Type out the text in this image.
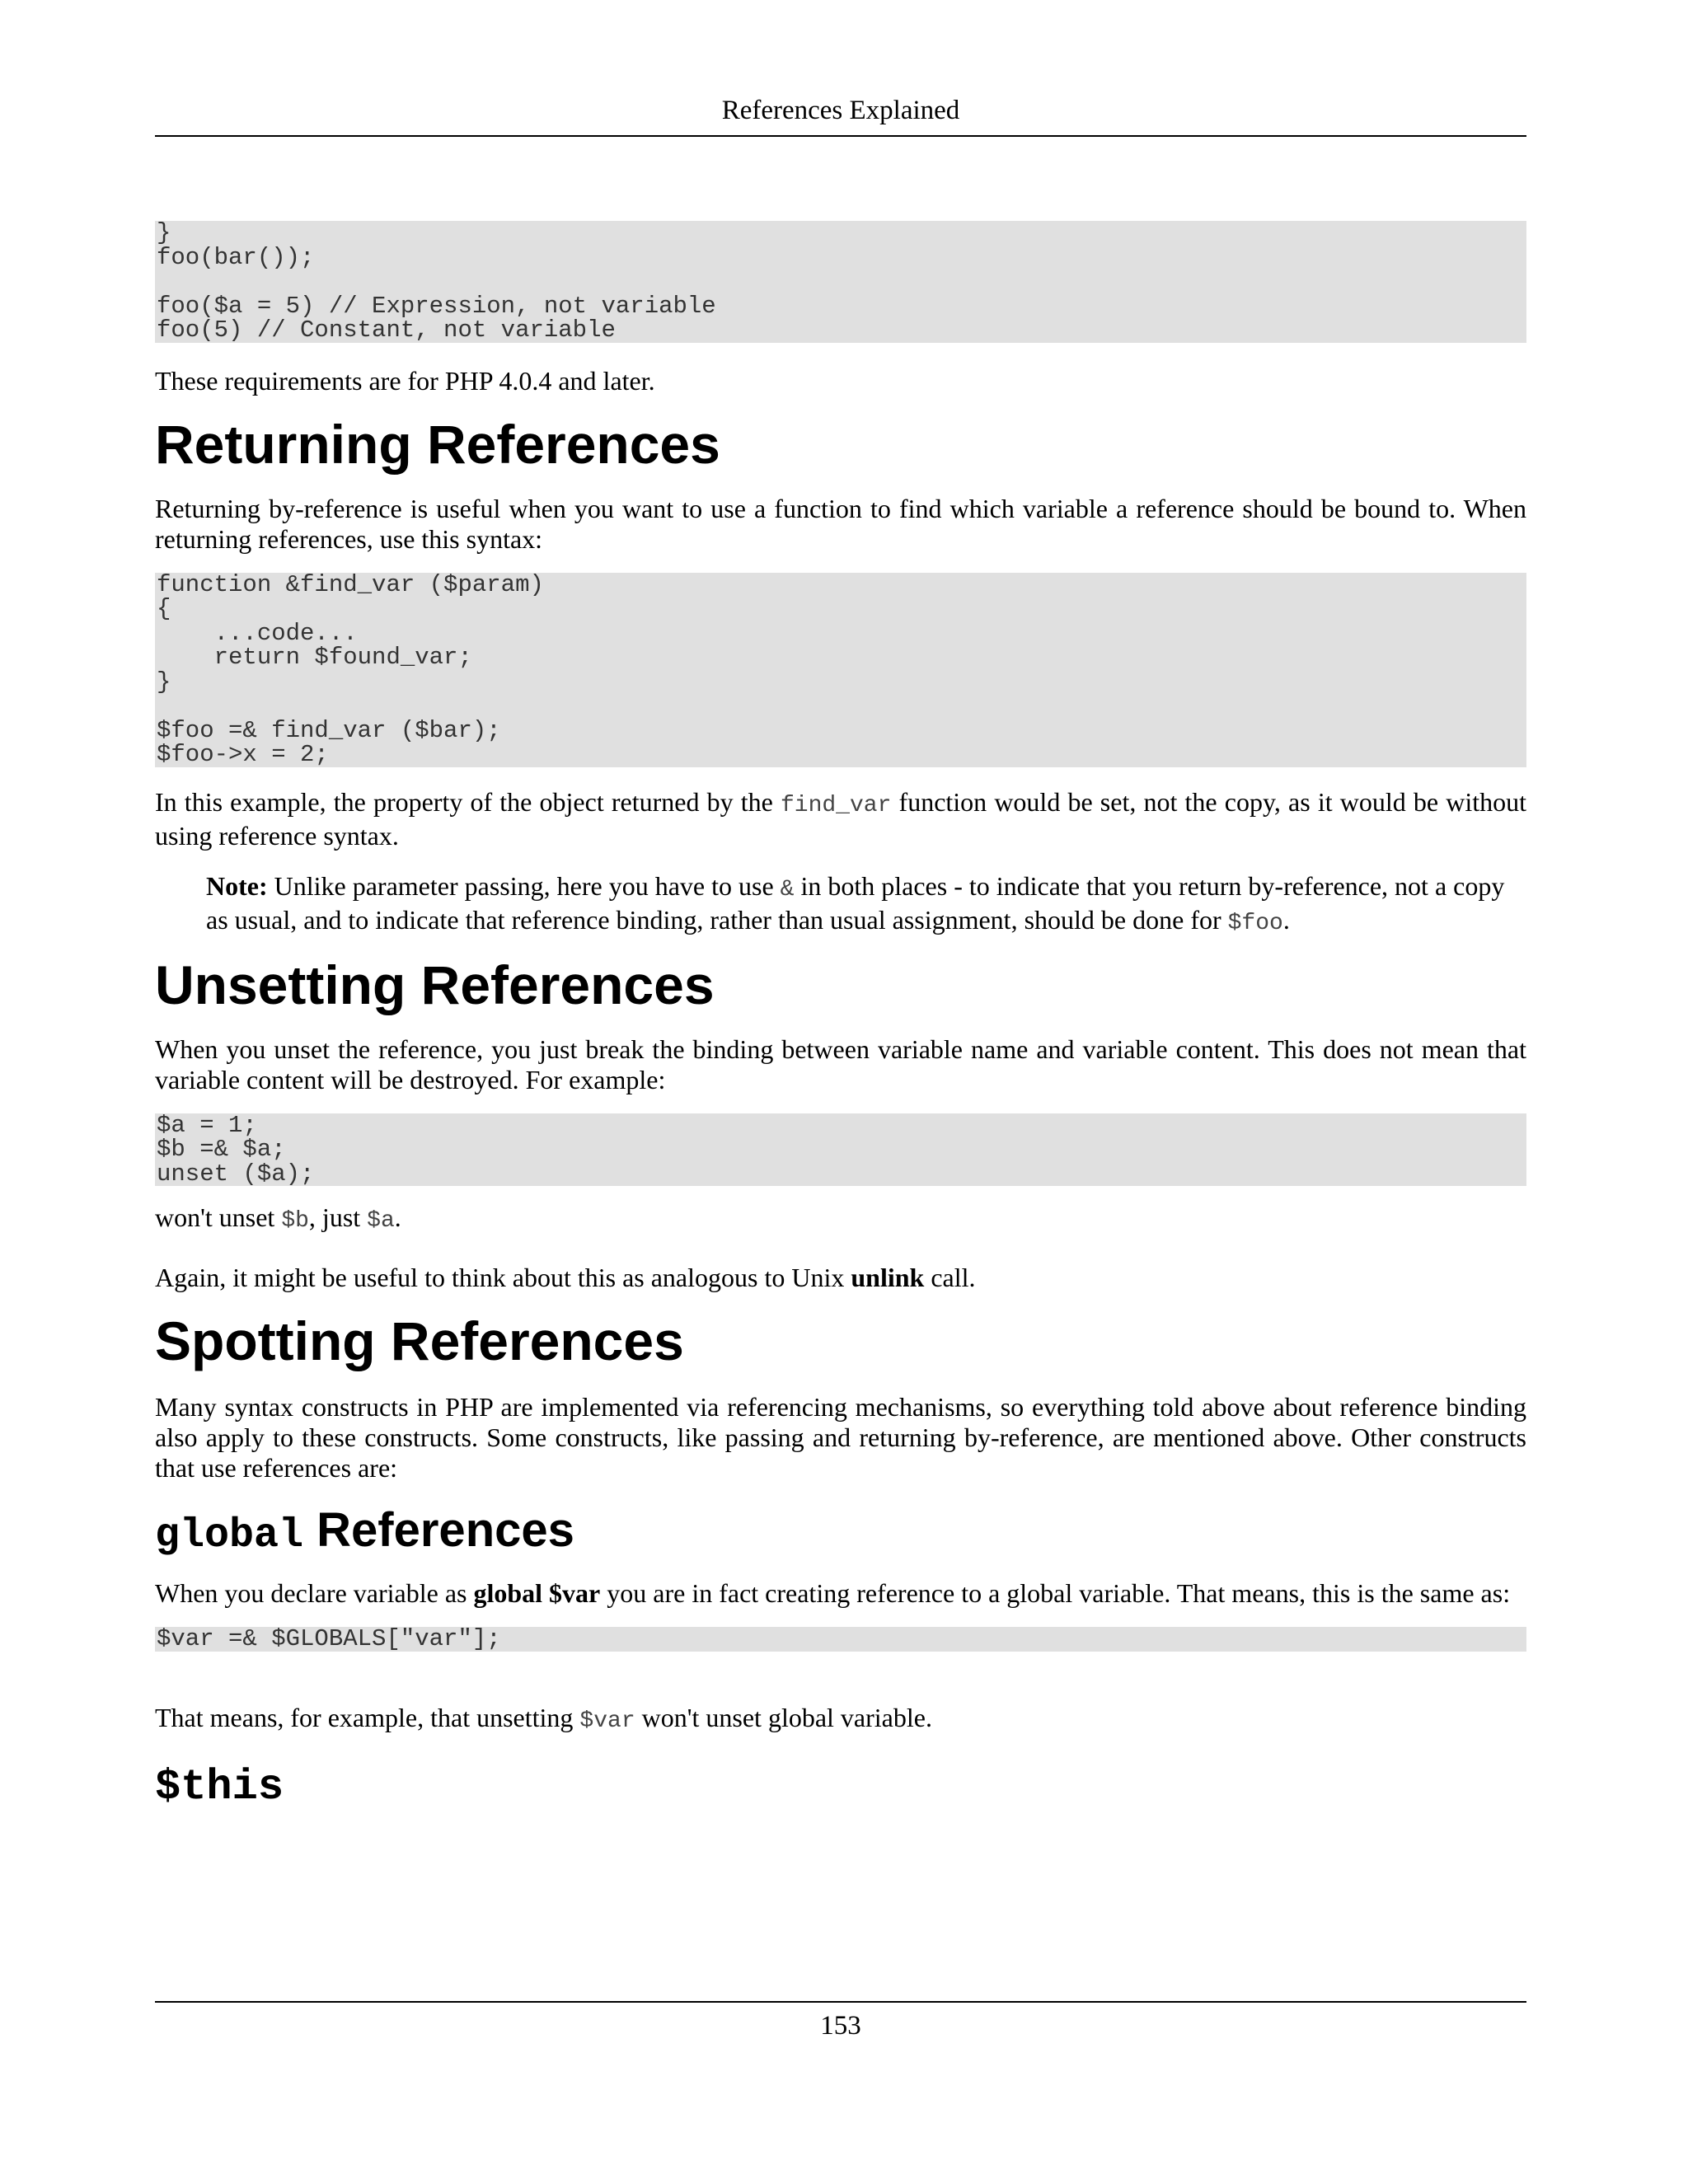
References Explained
}
foo(bar());

foo($a = 5) // Expression, not variable
foo(5) // Constant, not variable

These requirements are for PHP 4.0.4 and later.

Returning References

Returning by-reference is useful when you want to use a function to find which variable a reference should be bound to. When returning references, use this syntax:

function &find_var ($param)
{
...code...
return $found_var;
}

$foo =& find_var ($bar);
$foo->x = 2;

In this example, the property of the object returned by the find_var function would be set, not the copy, as it would be without using reference syntax.

Note: Unlike parameter passing, here you have to use & in both places - to indicate that you return by-reference, not a copy as usual, and to indicate that reference binding, rather than usual assignment, should be done for $foo.

Unsetting References

When you unset the reference, you just break the binding between variable name and variable content. This does not mean that variable content will be destroyed. For example:

$a = 1;
$b =& $a;
unset ($a);

won't unset $b, just $a.

Again, it might be useful to think about this as analogous to Unix unlink call.

Spotting References

Many syntax constructs in PHP are implemented via referencing mechanisms, so everything told above about reference binding also apply to these constructs. Some constructs, like passing and returning by-reference, are mentioned above. Other constructs that use references are:

global References

When you declare variable as global $var you are in fact creating reference to a global variable. That means, this is the same as:

$var =& $GLOBALS["var"];

That means, for example, that unsetting $var won't unset global variable.

$this
153
